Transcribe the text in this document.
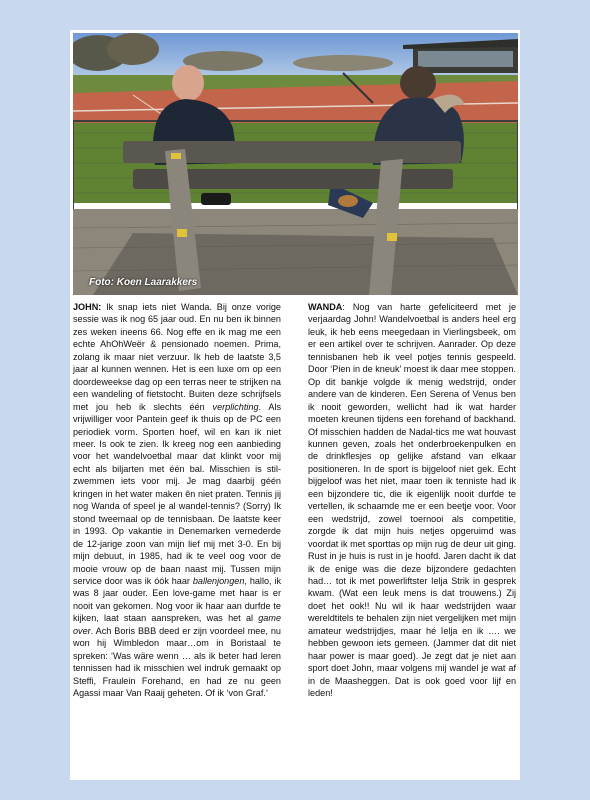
Foto: Koen Laarakkers

JOHN: Ik snap iets niet Wanda. Bij onze vorige sessie was ik nog 65 jaar oud. En nu ben ik binnen zes weken ineens 66. Nog effe en ik mag me een echte AhOhWeër & pensionado noemen. Prima, zolang ik maar niet verzuur. Ik heb de laatste 3,5 jaar al kunnen wennen. Het is een luxe om op een doordeweekse dag op een terras neer te strijken na een wandeling of fietstocht. Buiten deze schrijfsels met jou heb ik slechts één verplichting. Als vrijwilliger voor Pantein geef ik thuis op de PC een periodiek vorm. Sporten hoef, wil en kan ik niet meer. Is ook te zien. Ik kreeg nog een aanbieding voor het wandelvoetbal maar dat klinkt voor mij echt als biljarten met één bal. Misschien is stil-zwemmen iets voor mij. Je mag daarbij géén kringen in het water maken ên niet praten. Tennis jij nog Wanda of speel je al wandel-tennis? (Sorry) Ik stond tweemaal op de tennisbaan. De laatste keer in 1993. Op vakantie in Denemarken vernederde de 12-jarige zoon van mijn lief mij met 3-0. En bij mijn debuut, in 1985, had ik te veel oog voor de mooie vrouw op de baan naast mij. Tussen mijn service door was ik óók haar ballenjongen, hallo, ik was 8 jaar ouder. Een love-game met haar is er nooit van gekomen. Nog voor ik haar aan durfde te kijken, laat staan aanspreken, was het al game over. Ach Boris BBB deed er zijn voordeel mee, nu won hij Wimbledon maar…om in Boristaal te spreken: ‘Was wäre wenn … als ik beter had leren tennissen had ik misschien wel indruk gemaakt op Steffi, Fraulein Forehand, en had ze nu geen Agassi maar Van Raaij geheten. Of ik ‘von Graf.’

WANDA: Nog van harte gefeliciteerd met je verjaardag John! Wandelvoetbal is anders heel erg leuk, ik heb eens meegedaan in Vierlingsbeek, om er een artikel over te schrijven. Aanrader. Op deze tennisbanen heb ik veel potjes tennis gespeeld. Door ‘Pien in de kneuk’ moest ik daar mee stoppen. Op dit bankje volgde ik menig wedstrijd, onder andere van de kinderen. Een Serena of Venus ben ik nooit geworden, wellicht had ik wat harder moeten kreunen tijdens een forehand of backhand. Of misschien hadden de Nadal-tics me wat houvast kunnen geven, zoals het onderbroekenpulken en de drinkflesjes op gelijke afstand van elkaar positioneren. In de sport is bijgeloof niet gek. Echt bijgeloof was het niet, maar toen ik tenniste had ik een bijzondere tic, die ik eigenlijk nooit durfde te vertellen, ik schaamde me er een beetje voor. Voor een wedstrijd, zowel toernooi als competitie, zorgde ik dat mijn huis netjes opgeruimd was voordat ik met sporttas op mijn rug de deur uit ging. Rust in je huis is rust in je hoofd. Jaren dacht ik dat ik de enige was die deze bijzondere gedachten had… tot ik met powerliftster Ielja Strik in gesprek kwam. (Wat een leuk mens is dat trouwens.) Zij doet het ook!! Nu wil ik haar wedstrijden waar wereldtitels te behalen zijn niet vergelijken met mijn amateur wedstrijdjes, maar hé Ielja en ik …. we hebben gewoon iets gemeen. (Jammer dat dit niet haar power is maar goed). Je zegt dat je niet aan sport doet John, maar volgens mij wandel je wat af in de Maasheggen. Dat is ook goed voor lijf en leden!
